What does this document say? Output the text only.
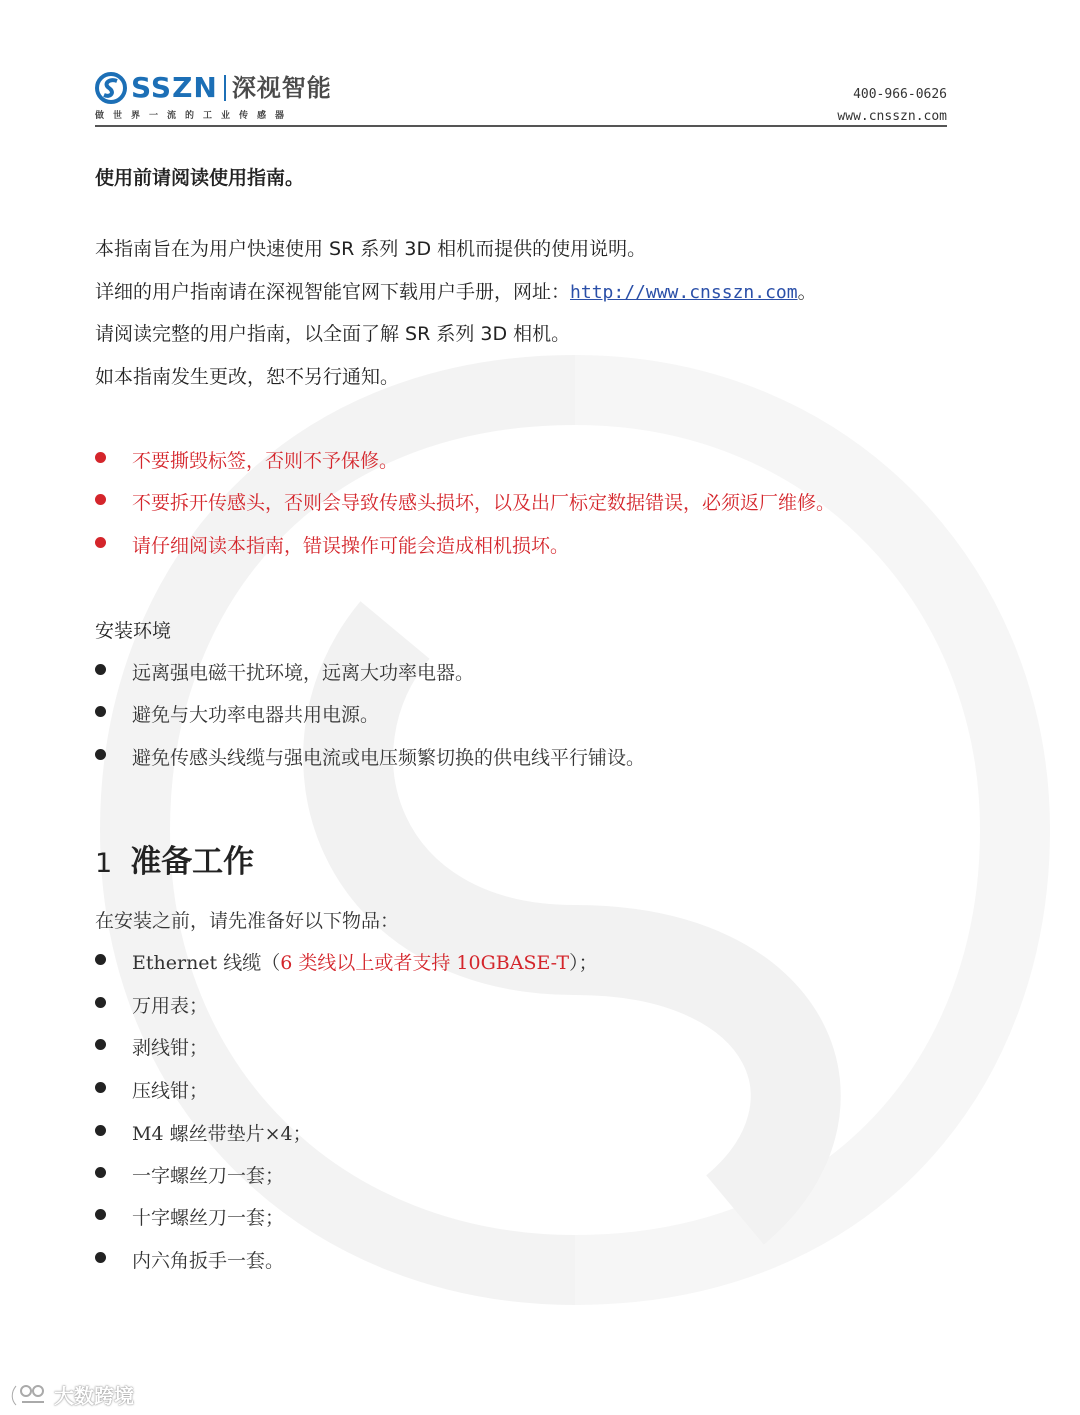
SSZN 深视智能
做世界一流的工业传感器
400-966-0626
www.cnsszn.com
使用前请阅读使用指南。
本指南旨在为用户快速使用 SR 系列 3D 相机而提供的使用说明。
详细的用户指南请在深视智能官网下载用户手册，网址：http://www.cnsszn.com。
请阅读完整的用户指南，以全面了解 SR 系列 3D 相机。
如本指南发生更改，恕不另行通知。
不要撕毁标签，否则不予保修。
不要拆开传感头，否则会导致传感头损坏，以及出厂标定数据错误，必须返厂维修。
请仔细阅读本指南，错误操作可能会造成相机损坏。
安装环境
远离强电磁干扰环境，远离大功率电器。
避免与大功率电器共用电源。
避免传感头线缆与强电流或电压频繁切换的供电线平行铺设。
1 准备工作
在安装之前，请先准备好以下物品：
Ethernet 线缆（6 类线以上或者支持 10GBASE-T）；
万用表；
剥线钳；
压线钳；
M4 螺丝带垫片×4；
一字螺丝刀一套；
十字螺丝刀一套；
内六角扳手一套。
大数跨境
